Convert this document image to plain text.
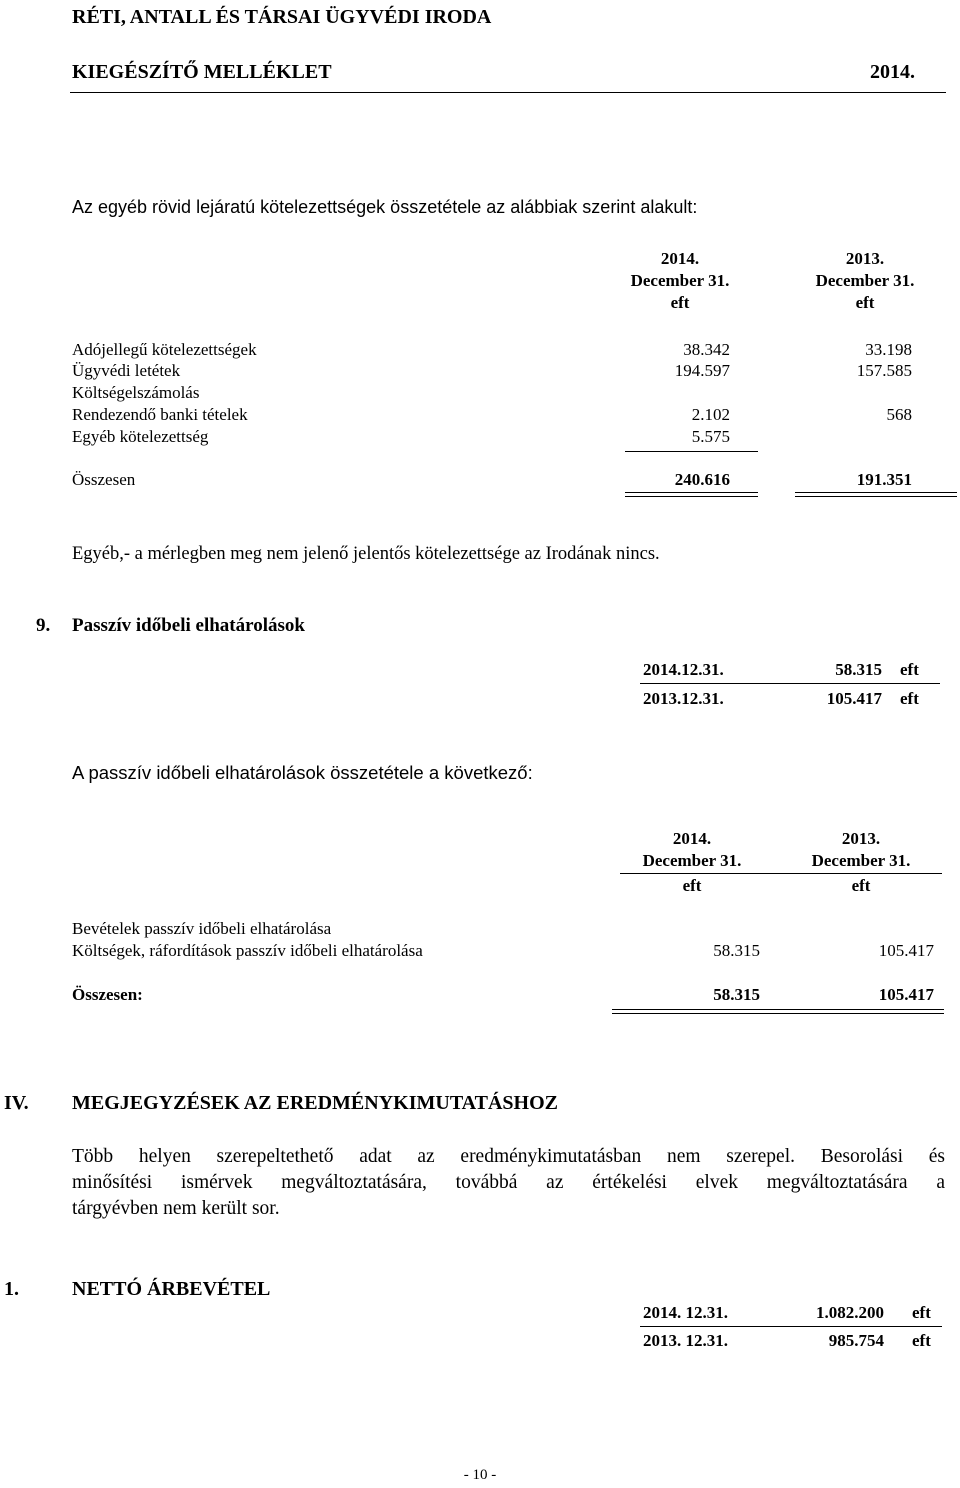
RÉTI, ANTALL ÉS TÁRSAI ÜGYVÉDI IRODA
KIEGÉSZÍTŐ MELLÉKLET	2014.
Az egyéb rövid lejáratú kötelezettségek összetétele az alábbiak szerint alakult:
2014.
December 31.
eft
2013.
December 31.
eft
Adójellegű kötelezettségek	38.342	33.198
Ügyvédi letétek	194.597	157.585
Költségelszámolás
Rendezendő banki tételek	2.102	568
Egyéb kötelezettség	5.575
Összesen	240.616	191.351
Egyéb,- a mérlegben meg nem jelenő jelentős kötelezettsége az Irodának nincs.
9. Passzív időbeli elhatárolások
2014.12.31.	58.315 eft
2013.12.31.	105.417 eft
A passzív időbeli elhatárolások összetétele a következő:
2014.
December 31.
eft
2013.
December 31.
eft
Bevételek passzív időbeli elhatárolása
Költségek, ráfordítások passzív időbeli elhatárolása	58.315	105.417
Összesen:	58.315	105.417
IV. MEGJEGYZÉSEK AZ EREDMÉNYKIMUTATÁSHOZ
Több helyen szerepeltethető adat az eredménykimutatásban nem szerepel. Besorolási és
minősítési ismérvek megváltoztatására, továbbá az értékelési elvek megváltoztatására a
tárgyévben nem került sor.
1.	NETTÓ ÁRBEVÉTEL
2014. 12.31.	1.082.200 eft
2013. 12.31.	985.754 eft
- 10 -
